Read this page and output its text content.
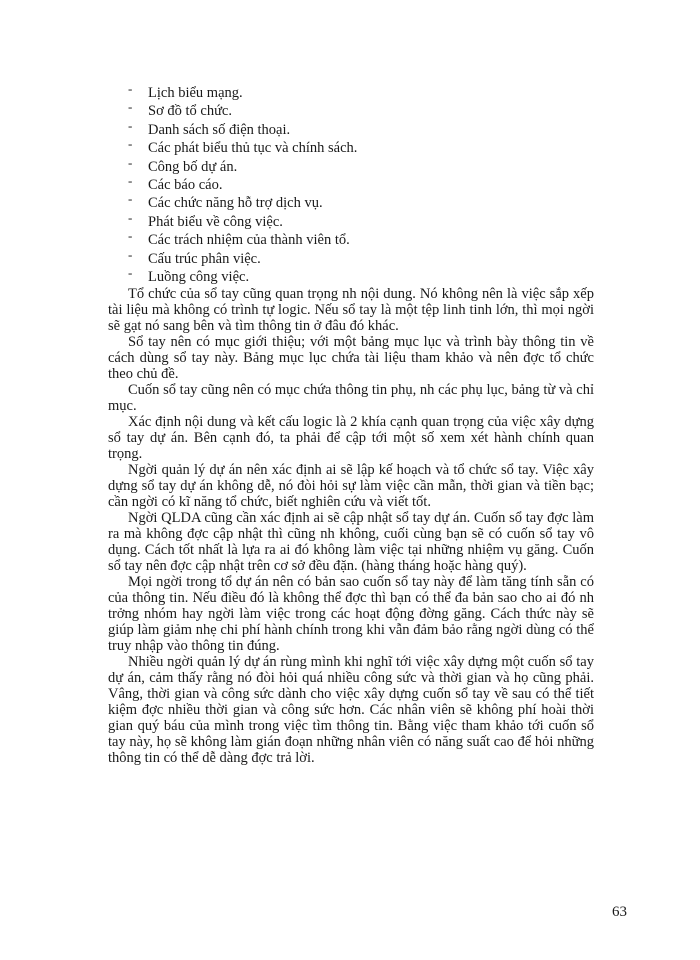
- Lịch biểu mạng.
- Sơ đồ tổ chức.
- Danh sách số điện thoại.
- Các phát biểu thủ tục và chính sách.
- Công bố dự án.
- Các báo cáo.
- Các chức năng hỗ trợ dịch vụ.
- Phát biểu về công việc.
- Các trách nhiệm của thành viên tổ.
- Cấu trúc phân việc.
- Luồng công việc.

Tổ chức của sổ tay cũng quan trọng nh nội dung. Nó không nên là việc sắp xếp tài liệu mà không có trình tự logic. Nếu sổ tay là một tệp linh tinh lớn, thì mọi ngời sẽ gạt nó sang bên và tìm thông tin ở đâu đó khác.

Sổ tay nên có mục giới thiệu; với một bảng mục lục và trình bày thông tin về cách dùng sổ tay này. Bảng mục lục chứa tài liệu tham khảo và nên đợc tổ chức theo chủ đề.

Cuốn sổ tay cũng nên có mục chứa thông tin phụ, nh các phụ lục, bảng từ và chỉ mục.

Xác định nội dung và kết cấu logic là 2 khía cạnh quan trọng của việc xây dựng sổ tay dự án. Bên cạnh đó, ta phải để cập tới một số xem xét hành chính quan trọng.

Ngời quản lý dự án nên xác định ai sẽ lập kế hoạch và tổ chức sổ tay. Việc xây dựng sổ tay dự án không dễ, nó đòi hỏi sự làm việc cần mẫn, thời gian và tiền bạc; cần ngời có kĩ năng tổ chức, biết nghiên cứu và viết tốt.

Ngời QLDA cũng cần xác định ai sẽ cập nhật sổ tay dự án. Cuốn sổ tay đợc làm ra mà không đợc cập nhật thì cũng nh không, cuối cùng bạn sẽ có cuốn sổ tay vô dụng. Cách tốt nhất là lựa ra ai đó không làm việc tại những nhiệm vụ găng. Cuốn sổ tay nên đợc cập nhật trên cơ sở đều đặn. (hàng tháng hoặc hàng quý).

Mọi ngời trong tổ dự án nên có bản sao cuốn sổ tay này để làm tăng tính sẵn có của thông tin. Nếu điều đó là không thể đợc thì bạn có thể đa bản sao cho ai đó nh trởng nhóm hay ngời làm việc trong các hoạt động đờng găng. Cách thức này sẽ giúp làm giảm nhẹ chi phí hành chính trong khi vẫn đảm bảo rằng ngời dùng có thể truy nhập vào thông tin đúng.

Nhiều ngời quản lý dự án rùng mình khi nghĩ tới việc xây dựng một cuốn sổ tay dự án, cảm thấy rằng nó đòi hỏi quá nhiều công sức và thời gian và họ cũng phải. Vâng, thời gian và công sức dành cho việc xây dựng cuốn sổ tay về sau có thể tiết kiệm đợc nhiều thời gian và công sức hơn. Các nhân viên sẽ không phí hoài thời gian quý báu của mình trong việc tìm thông tin. Bằng việc tham khảo tới cuốn sổ tay này, họ sẽ không làm gián đoạn những nhân viên có năng suất cao để hỏi những thông tin có thể dễ dàng đợc trả lời.

63
